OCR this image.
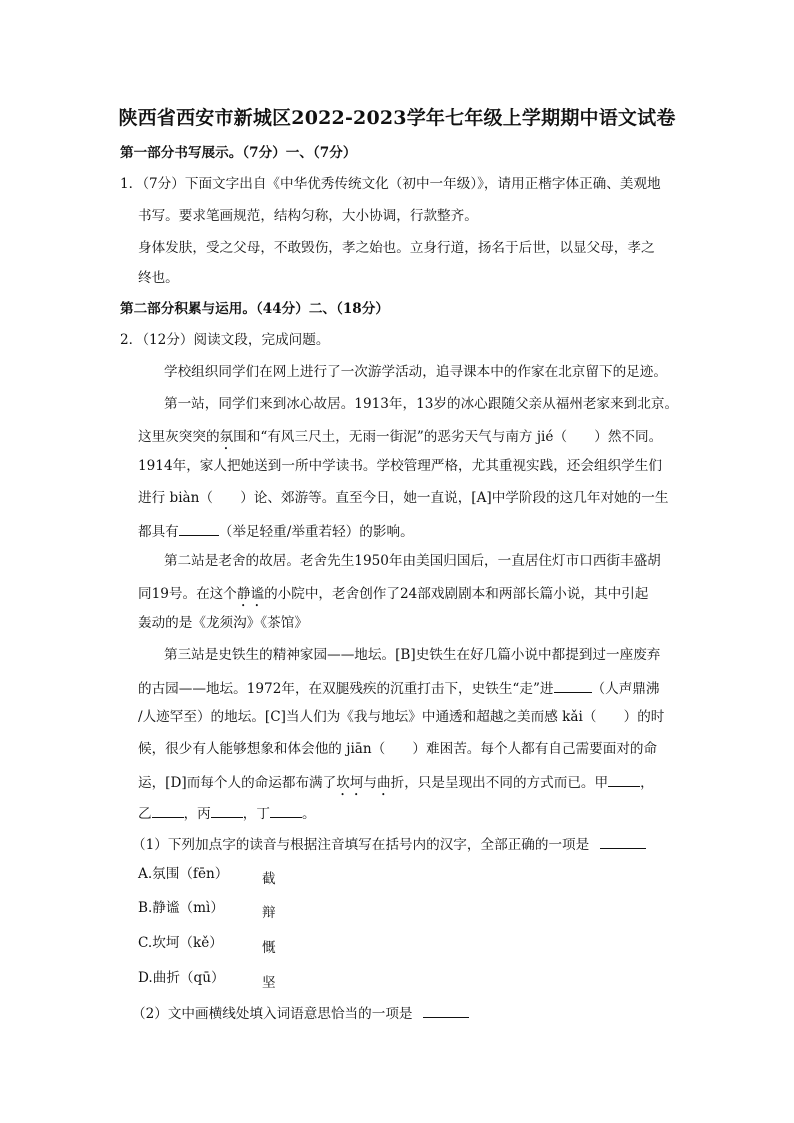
陕西省西安市新城区2022-2023学年七年级上学期期中语文试卷
第一部分书写展示。（7分）一、（7分）
1．（7分）下面文字出自《中华优秀传统文化（初中一年级）》，请用正楷字体正确、美观地
书写。要求笔画规范，结构匀称，大小协调，行款整齐。
身体发肤，受之父母，不敢毁伤，孝之始也。立身行道，扬名于后世，以显父母，孝之
终也。
第二部分积累与运用。（44分）二、（18分）
2．（12分）阅读文段，完成问题。
学校组织同学们在网上进行了一次游学活动，追寻课本中的作家在北京留下的足迹。
第一站，同学们来到冰心故居。1913年，13岁的冰心跟随父亲从福州老家来到北京。
这里灰突突的氛围和“有风三尺土，无雨一街泥”的恶劣天气与南方 jié（　　）然不同。
1914年，家人把她送到一所中学读书。学校管理严格，尤其重视实践，还会组织学生们
进行 biàn（　　）论、郊游等。直至今日，她一直说，[A]中学阶段的这几年对她的一生
都具有	（举足轻重/举重若轻）的影响。
第二站是老舍的故居。老舍先生1950年由美国归国后，一直居住灯市口西街丰盛胡
同19号。在这个静谧的小院中，老舍创作了24部戏剧剧本和两部长篇小说，其中引起
轰动的是《龙须沟》《茶馆》
第三站是史铁生的精神家园——地坛。[B]史铁生在好几篇小说中都提到过一座废弃
的古园——地坛。1972年，在双腿残疾的沉重打击下，史铁生“走”进	（人声鼎沸
/人迹罕至）的地坛。[C]当人们为《我与地坛》中通透和超越之美而感 kǎi（　　）的时
候，很少有人能够想象和体会他的 jiān（　　）难困苦。每个人都有自己需要面对的命
运，[D]而每个人的命运都布满了坎坷与曲折，只是呈现出不同的方式而已。甲 ，
乙 ，丙 ，丁 。
（1）下列加点字的读音与根据注音填写在括号内的汉字，全部正确的一项是
A.氛围（fēn） 截
B.静谧（mì）	辩
C.坎坷（kě）	慨
D.曲折（qū）	坚
（2）文中画横线处填入词语意思恰当的一项是
